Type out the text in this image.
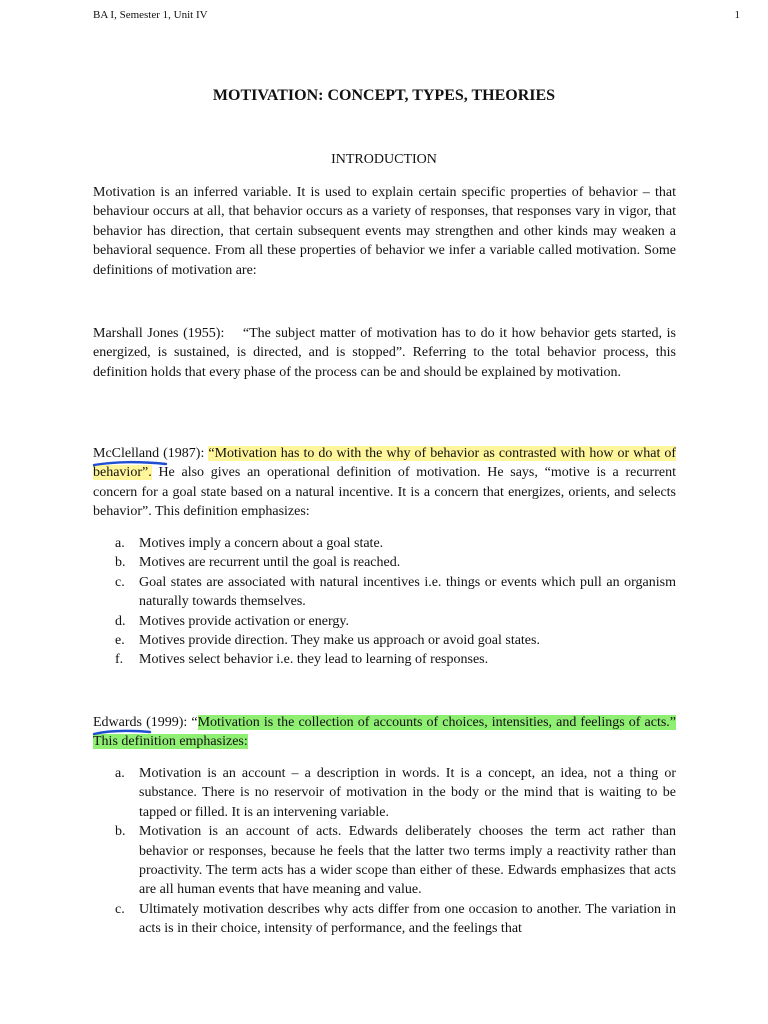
BA I, Semester 1, Unit IV	1
MOTIVATION: CONCEPT, TYPES, THEORIES
INTRODUCTION
Motivation is an inferred variable. It is used to explain certain specific properties of behavior – that behaviour occurs at all, that behavior occurs as a variety of responses, that responses vary in vigor, that behavior has direction, that certain subsequent events may strengthen and other kinds may weaken a behavioral sequence. From all these properties of behavior we infer a variable called motivation. Some definitions of motivation are:
Marshall Jones (1955): “The subject matter of motivation has to do it how behavior gets started, is energized, is sustained, is directed, and is stopped”. Referring to the total behavior process, this definition holds that every phase of the process can be and should be explained by motivation.
McClelland (1987): “Motivation has to do with the why of behavior as contrasted with how or what of behavior”. He also gives an operational definition of motivation. He says, “motive is a recurrent concern for a goal state based on a natural incentive. It is a concern that energizes, orients, and selects behavior”. This definition emphasizes:
a.	Motives imply a concern about a goal state.
b. Motives are recurrent until the goal is reached.
c.	Goal states are associated with natural incentives i.e. things or events which pull an organism naturally towards themselves.
d. Motives provide activation or energy.
e.	Motives provide direction. They make us approach or avoid goal states.
f.	Motives select behavior i.e. they lead to learning of responses.
Edwards (1999): “Motivation is the collection of accounts of choices, intensities, and feelings of acts.” This definition emphasizes:
a.	Motivation is an account – a description in words. It is a concept, an idea, not a thing or substance. There is no reservoir of motivation in the body or the mind that is waiting to be tapped or filled. It is an intervening variable.
b. Motivation is an account of acts. Edwards deliberately chooses the term act rather than behavior or responses, because he feels that the latter two terms imply a reactivity rather than proactivity. The term acts has a wider scope than either of these. Edwards emphasizes that acts are all human events that have meaning and value.
c.	Ultimately motivation describes why acts differ from one occasion to another. The variation in acts is in their choice, intensity of performance, and the feelings that
